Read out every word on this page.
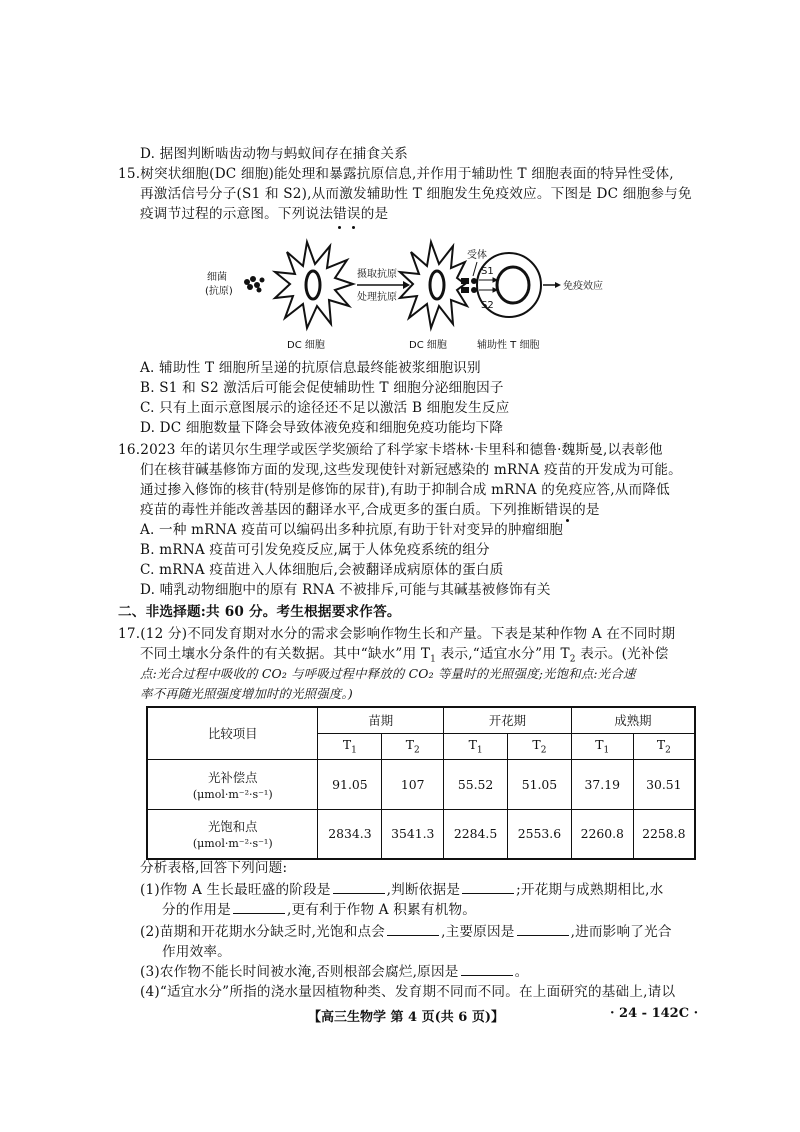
D. 据图判断啮齿动物与蚂蚁间存在捕食关系
15.树突状细胞(DC 细胞)能处理和暴露抗原信息,并作用于辅助性 T 细胞表面的特异性受体,
再激活信号分子(S1 和 S2),从而激发辅助性 T 细胞发生免疫效应。下图是 DC 细胞参与免
疫调节过程的示意图。下列说法错误的是
细菌
(抗原)
DC 细胞
摄取抗原
处理抗原
DC 细胞
受体
S1
S2
辅助性 T 细胞
免疫效应
A. 辅助性 T 细胞所呈递的抗原信息最终能被浆细胞识别
B. S1 和 S2 激活后可能会促使辅助性 T 细胞分泌细胞因子
C. 只有上面示意图展示的途径还不足以激活 B 细胞发生反应
D. DC 细胞数量下降会导致体液免疫和细胞免疫功能均下降
16.2023 年的诺贝尔生理学或医学奖颁给了科学家卡塔林·卡里科和德鲁·魏斯曼,以表彰他
们在核苷碱基修饰方面的发现,这些发现使针对新冠感染的 mRNA 疫苗的开发成为可能。
通过掺入修饰的核苷(特别是修饰的尿苷),有助于抑制合成 mRNA 的免疫应答,从而降低
疫苗的毒性并能改善基因的翻译水平,合成更多的蛋白质。下列推断错误的是
A. 一种 mRNA 疫苗可以编码出多种抗原,有助于针对变异的肿瘤细胞
B. mRNA 疫苗可引发免疫反应,属于人体免疫系统的组分
C. mRNA 疫苗进入人体细胞后,会被翻译成病原体的蛋白质
D. 哺乳动物细胞中的原有 RNA 不被排斥,可能与其碱基被修饰有关
二、非选择题:共 60 分。考生根据要求作答。
17.(12 分)不同发育期对水分的需求会影响作物生长和产量。下表是某种作物 A 在不同时期
不同土壤水分条件的有关数据。其中“缺水”用 $T_1$ 表示,“适宜水分”用 $T_2$ 表示。(光补偿
点:光合过程中吸收的 CO₂ 与呼吸过程中释放的 CO₂ 等量时的光照强度;光饱和点:光合速
率不再随光照强度增加时的光照强度。)
比较项目	苗期		开花期		成熟期	
	$T_1$	$T_2$	$T_1$	$T_2$	$T_1$	$T_2$
光补偿点
(μmol·m⁻²·s⁻¹)	91.05	107	55.52	51.05	37.19	30.51
光饱和点
(μmol·m⁻²·s⁻¹)	2834.3	3541.3	2284.5	2553.6	2260.8	2258.8
分析表格,回答下列问题:
(1)作物 A 生长最旺盛的阶段是	,判断依据是	;开花期与成熟期相比,水
分的作用是	,更有利于作物 A 积累有机物。
(2)苗期和开花期水分缺乏时,光饱和点会	,主要原因是	,进而影响了光合
作用效率。
(3)农作物不能长时间被水淹,否则根部会腐烂,原因是	。
(4)“适宜水分”所指的浇水量因植物种类、发育期不同而不同。在上面研究的基础上,请以
【高三生物学 第 4 页(共 6 页)】	· 24 - 142C ·
